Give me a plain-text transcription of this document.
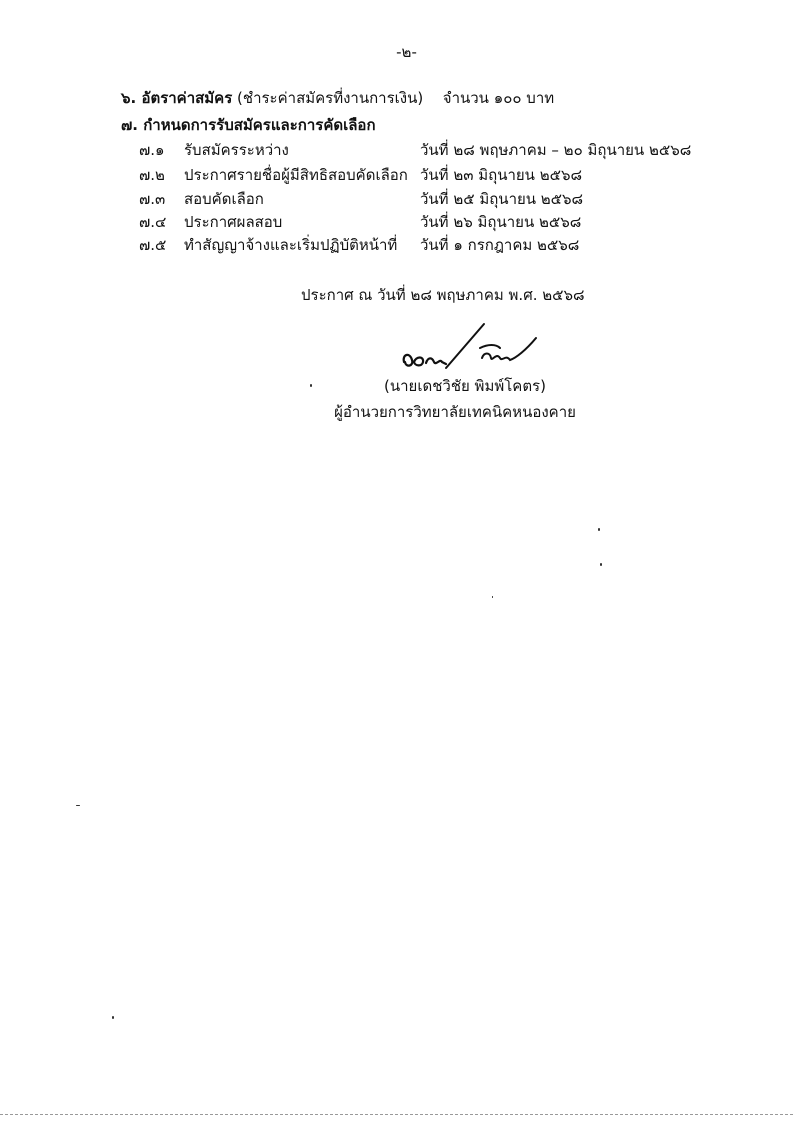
-๒-
๖. อัตราค่าสมัคร (ชำระค่าสมัครที่งานการเงิน) จำนวน ๑๐๐ บาท
๗. กำหนดการรับสมัครและการคัดเลือก
๗.๑ รับสมัครระหว่าง	วันที่ ๒๘ พฤษภาคม – ๒๐ มิถุนายน ๒๕๖๘
๗.๒ ประกาศรายชื่อผู้มีสิทธิสอบคัดเลือก วันที่ ๒๓ มิถุนายน ๒๕๖๘
๗.๓ สอบคัดเลือก	วันที่ ๒๕ มิถุนายน ๒๕๖๘
๗.๔ ประกาศผลสอบ	วันที่ ๒๖ มิถุนายน ๒๕๖๘
๗.๕ ทำสัญญาจ้างและเริ่มปฏิบัติหน้าที่ วันที่ ๑ กรกฎาคม ๒๕๖๘
ประกาศ ณ วันที่ ๒๘ พฤษภาคม พ.ศ. ๒๕๖๘
(นายเดชวิชัย พิมพ์โคตร)
ผู้อำนวยการวิทยาลัยเทคนิคหนองคาย
